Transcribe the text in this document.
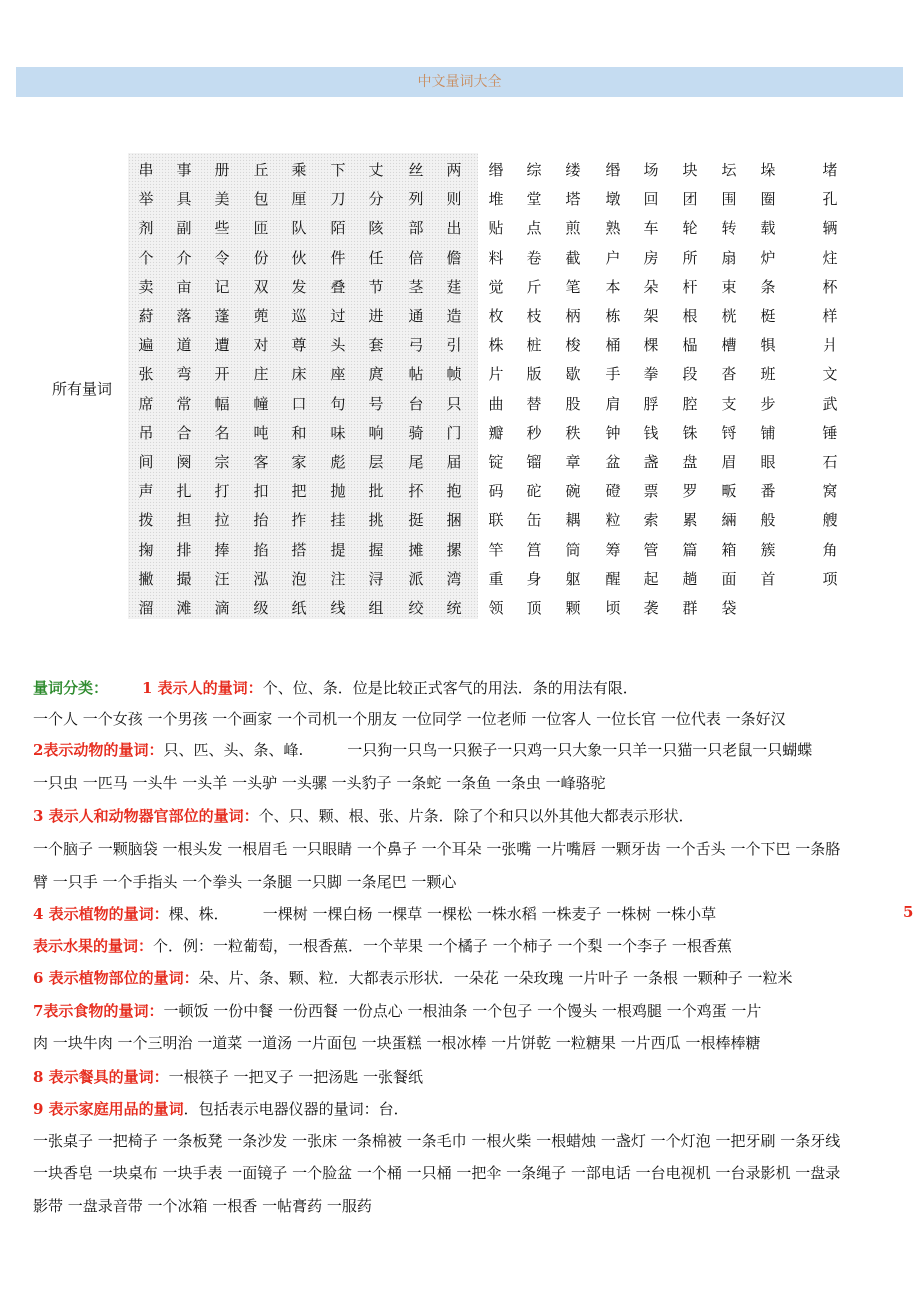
中文量词大全
所有量词
串	事	册	丘	乘	下	丈	丝	两	缗	综	缕	缗	场	块	坛	垛	堵
举	具	美	包	厘	刀	分	列	则	堆	堂	塔	墩	回	团	围	圈	孔
剂	副	些	匝	队	陌	陔	部	出	贴	点	煎	熟	车	轮	转	载	辆
个	介	令	份	伙	件	任	倍	儋	料	卷	截	户	房	所	扇	炉	炷
卖	亩	记	双	发	叠	节	茎	莛	觉	斤	笔	本	朵	杆	束	条	杯
葤	落	蓬	蔸	巡	过	进	通	造	枚	枝	柄	栋	架	根	桄	梃	样
遍	道	遭	对	尊	头	套	弓	引	株	桩	梭	桶	棵	榀	槽	犋	爿
张	弯	开	庄	床	座	庹	帖	帧	片	版	歇	手	拳	段	沓	班	文
席	常	幅	幢	口	句	号	台	只	曲	替	股	肩	脬	腔	支	步	武
吊	合	名	吨	和	味	响	骑	门	瓣	秒	秩	钟	钱	铢	锊	铺	锤
间	阕	宗	客	家	彪	层	尾	届	锭	镏	章	盆	盏	盘	眉	眼	石
声	扎	打	扣	把	抛	批	抔	抱	码	砣	碗	磴	票	罗	畈	番	窝
拨	担	拉	抬	拃	挂	挑	挺	捆	联	缶	耦	粒	索	累	緉	般	艘
掬	排	捧	掐	搭	提	握	摊	摞	竿	筥	筒	筹	管	篇	箱	簇	角
撇	撮	汪	泓	泡	注	浔	派	湾	重	身	躯	醒	起	趟	面	首	项
溜	滩	滴	级	纸	线	组	绞	统	领	顶	颗	顷	袭	群	袋
量词分类： 1 表示人的量词：个、位、条．位是比较正式客气的用法．条的用法有限．
一个人 一个女孩 一个男孩 一个画家 一个司机一个朋友 一位同学 一位老师 一位客人 一位长官 一位代表 一条好汉
2表示动物的量词：只、匹、头、条、峰.	一只狗一只鸟一只猴子一只鸡一只大象一只羊一只猫一只老鼠一只蝴蝶
一只虫 一匹马 一头牛 一头羊 一头驴 一头骡 一头豹子 一条蛇 一条鱼 一条虫 一峰骆驼
3 表示人和动物器官部位的量词：个、只、颗、根、张、片条．除了个和只以外其他大都表示形状．
一个脑子 一颗脑袋 一根头发 一根眉毛 一只眼睛 一个鼻子 一个耳朵 一张嘴 一片嘴唇 一颗牙齿 一个舌头 一个下巴 一条胳
臂 一只手 一个手指头 一个拳头 一条腿 一只脚 一条尾巴 一颗心
4 表示植物的量词：棵、株． 一棵树 一棵白杨 一棵草 一棵松 一株水稻 一株麦子 一株树 一株小草	5
表示水果的量词：个．例：一粒葡萄，一根香蕉．一个苹果 一个橘子 一个柿子 一个梨 一个李子 一根香蕉
6 表示植物部位的量词：朵、片、条、颗、粒．大都表示形状．一朵花 一朵玫瑰 一片叶子 一条根 一颗种子 一粒米
7表示食物的量词：一顿饭 一份中餐 一份西餐 一份点心 一根油条 一个包子 一个馒头 一根鸡腿 一个鸡蛋 一片
肉 一块牛肉 一个三明治 一道菜 一道汤 一片面包 一块蛋糕 一根冰棒 一片饼乾 一粒糖果 一片西瓜 一根棒棒糖
8 表示餐具的量词：一根筷子 一把叉子 一把汤匙 一张餐纸
9 表示家庭用品的量词．包括表示电器仪器的量词：台．
一张桌子 一把椅子 一条板凳 一条沙发 一张床 一条棉被 一条毛巾 一根火柴 一根蜡烛 一盏灯 一个灯泡 一把牙刷 一条牙线
一块香皂 一块桌布 一块手表 一面镜子 一个脸盆 一个桶 一只桶 一把伞 一条绳子 一部电话 一台电视机 一台录影机 一盘录
影带 一盘录音带 一个冰箱 一根香 一帖膏药 一服药
